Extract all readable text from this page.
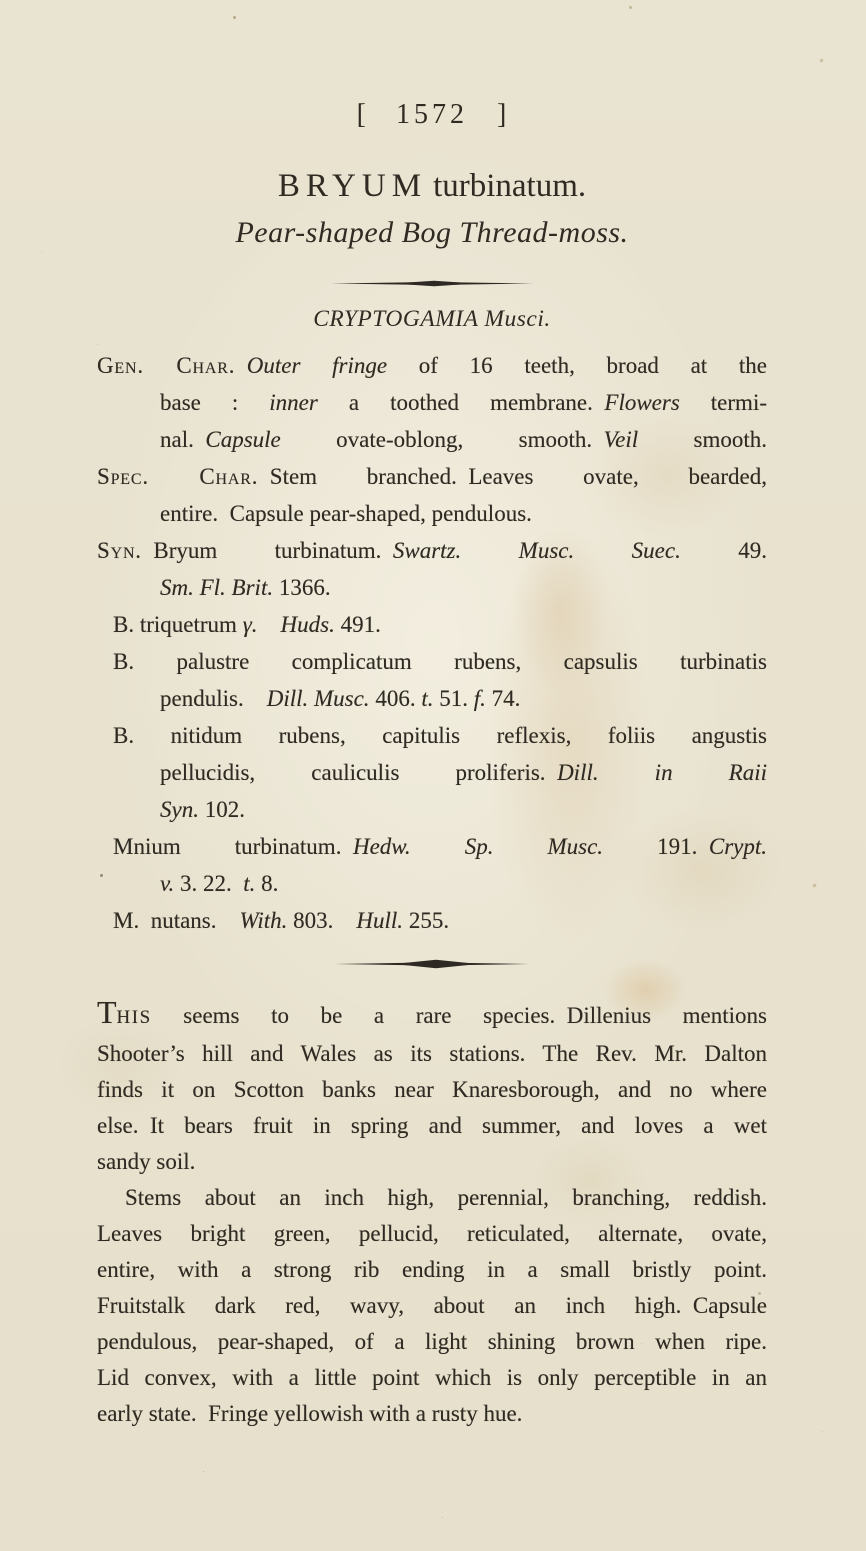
[ 1572 ]
BRYUM turbinatum.
Pear-shaped Bog Thread-moss.
CRYPTOGAMIA Musci.
Gen. Char.  Outer fringe of 16 teeth, broad at the
base : inner a toothed membrane. Flowers termi-
nal. Capsule ovate-oblong, smooth. Veil smooth.
Spec. Char. Stem branched. Leaves ovate, bearded,
entire. Capsule pear-shaped, pendulous.
Syn. Bryum turbinatum. Swartz. Musc. Suec. 49.
Sm. Fl. Brit. 1366.
B. triquetrum γ.   Huds. 491.
B. palustre complicatum rubens, capsulis turbinatis
pendulis.  Dill. Musc. 406. t. 51. f. 74.
B. nitidum rubens, capitulis reflexis, foliis angustis
pellucidis, cauliculis proliferis. Dill. in Raii
Syn. 102.
Mnium turbinatum. Hedw. Sp. Musc. 191. Crypt.
v. 3. 22. t. 8.
M. nutans.  With. 803.  Hull. 255.
THIS seems to be a rare species. Dillenius mentions
Shooter’s hill and Wales as its stations. The Rev. Mr. Dalton
finds it on Scotton banks near Knaresborough, and no where
else. It bears fruit in spring and summer, and loves a wet
sandy soil.
Stems about an inch high, perennial, branching, reddish.
Leaves bright green, pellucid, reticulated, alternate, ovate,
entire, with a strong rib ending in a small bristly point.
Fruitstalk dark red, wavy, about an inch high. Capsule
pendulous, pear-shaped, of a light shining brown when ripe.
Lid convex, with a little point which is only perceptible in an
early state. Fringe yellowish with a rusty hue.
